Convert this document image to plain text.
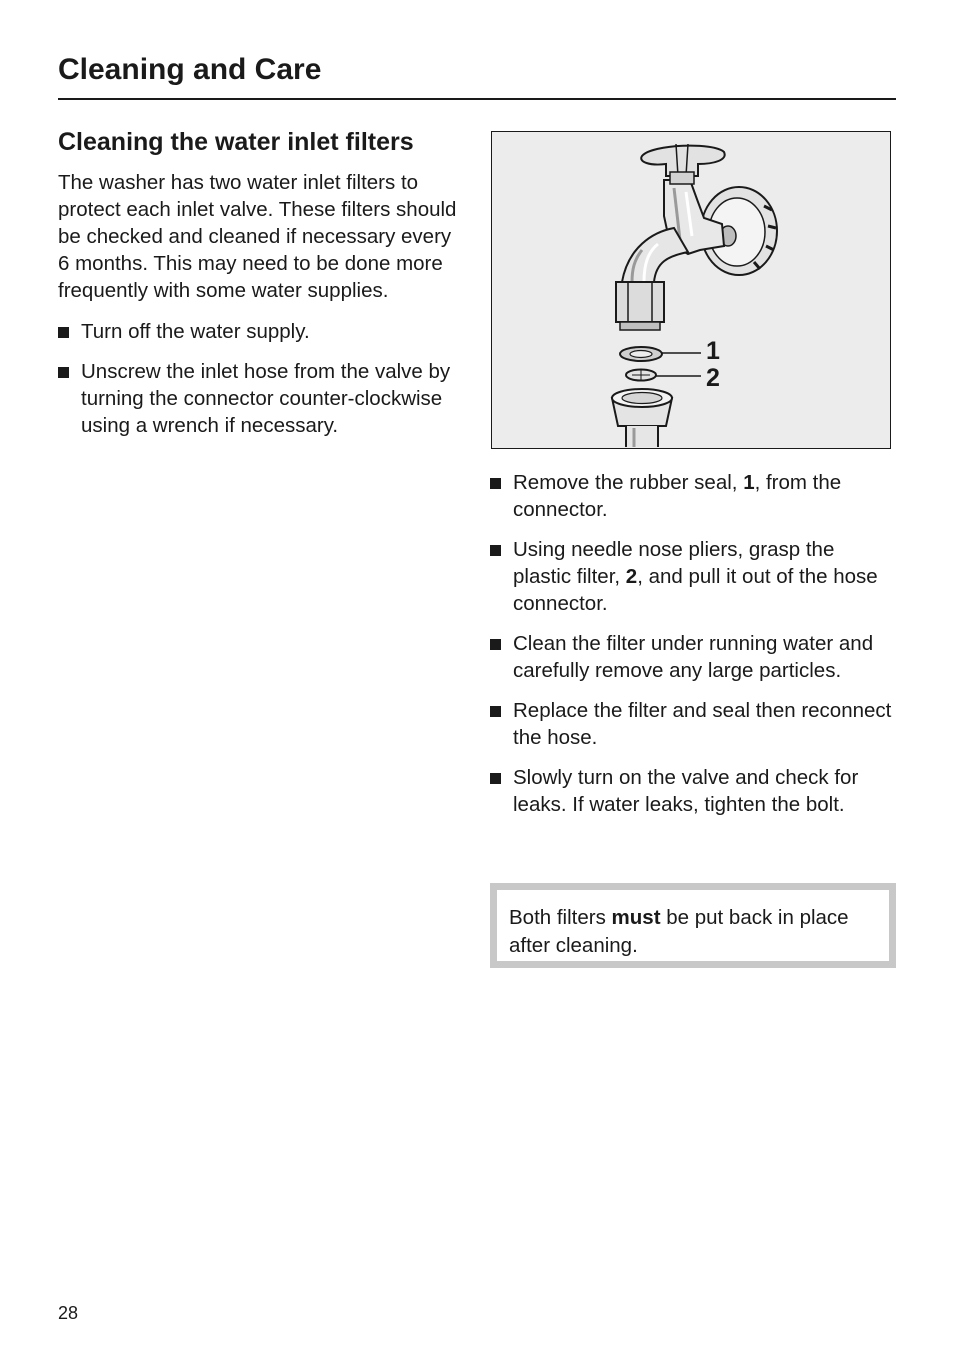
Cleaning and Care
Cleaning the water inlet filters

The washer has two water inlet filters to protect each inlet valve. These filters should be checked and cleaned if necessary every 6 months. This may need to be done more frequently with some water supplies.

Turn off the water supply.
Unscrew the inlet hose from the valve by turning the connector counter-clockwise using a wrench if necessary.
1
2
Remove the rubber seal, 1, from the connector.
Using needle nose pliers, grasp the plastic filter, 2, and pull it out of the hose connector.
Clean the filter under running water and carefully remove any large particles.
Replace the filter and seal then reconnect the hose.
Slowly turn on the valve and check for leaks. If water leaks, tighten the bolt.
Both filters must be put back in place after cleaning.
28
